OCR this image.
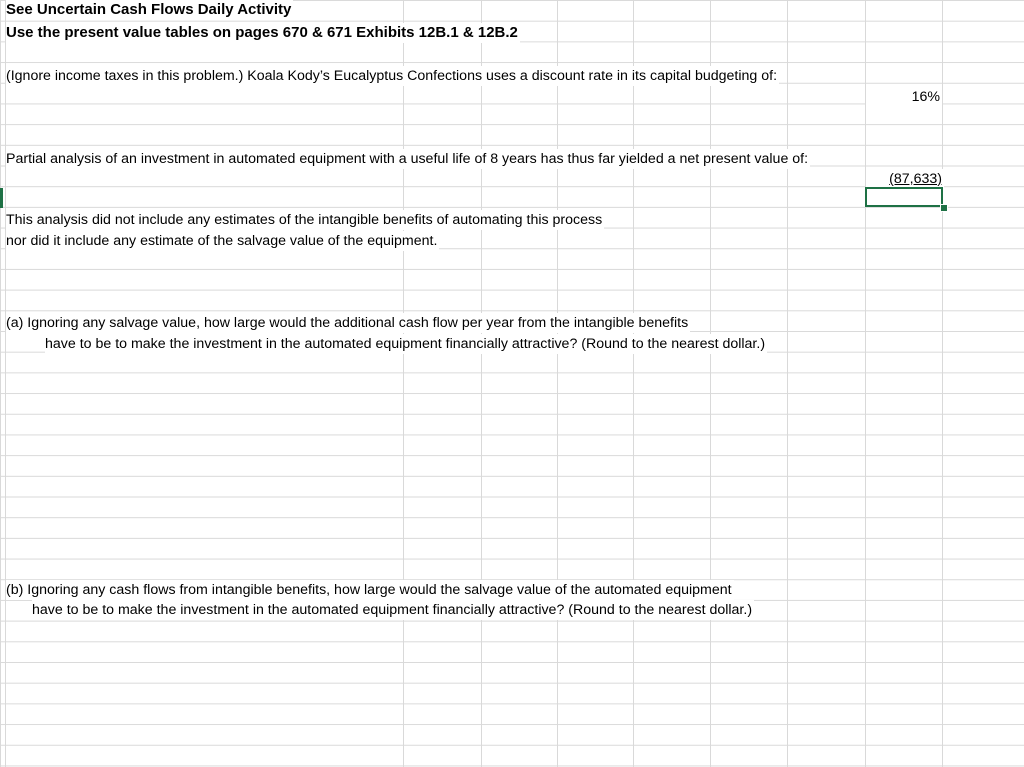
See Uncertain Cash Flows Daily Activity
Use the present value tables on pages 670 & 671 Exhibits 12B.1 & 12B.2
(Ignore income taxes in this problem.) Koala Kody’s Eucalyptus Confections uses a discount rate in its capital budgeting of:
16%
Partial analysis of an investment in automated equipment with a useful life of 8 years has thus far yielded a net present value of:
(87,633)
This analysis did not include any estimates of the intangible benefits of automating this process
nor did it include any estimate of the salvage value of the equipment.
(a) Ignoring any salvage value, how large would the additional cash flow per year from the intangible benefits
have to be to make the investment in the automated equipment financially attractive? (Round to the nearest dollar.)
(b) Ignoring any cash flows from intangible benefits, how large would the salvage value of the automated equipment
have to be to make the investment in the automated equipment financially attractive? (Round to the nearest dollar.)
